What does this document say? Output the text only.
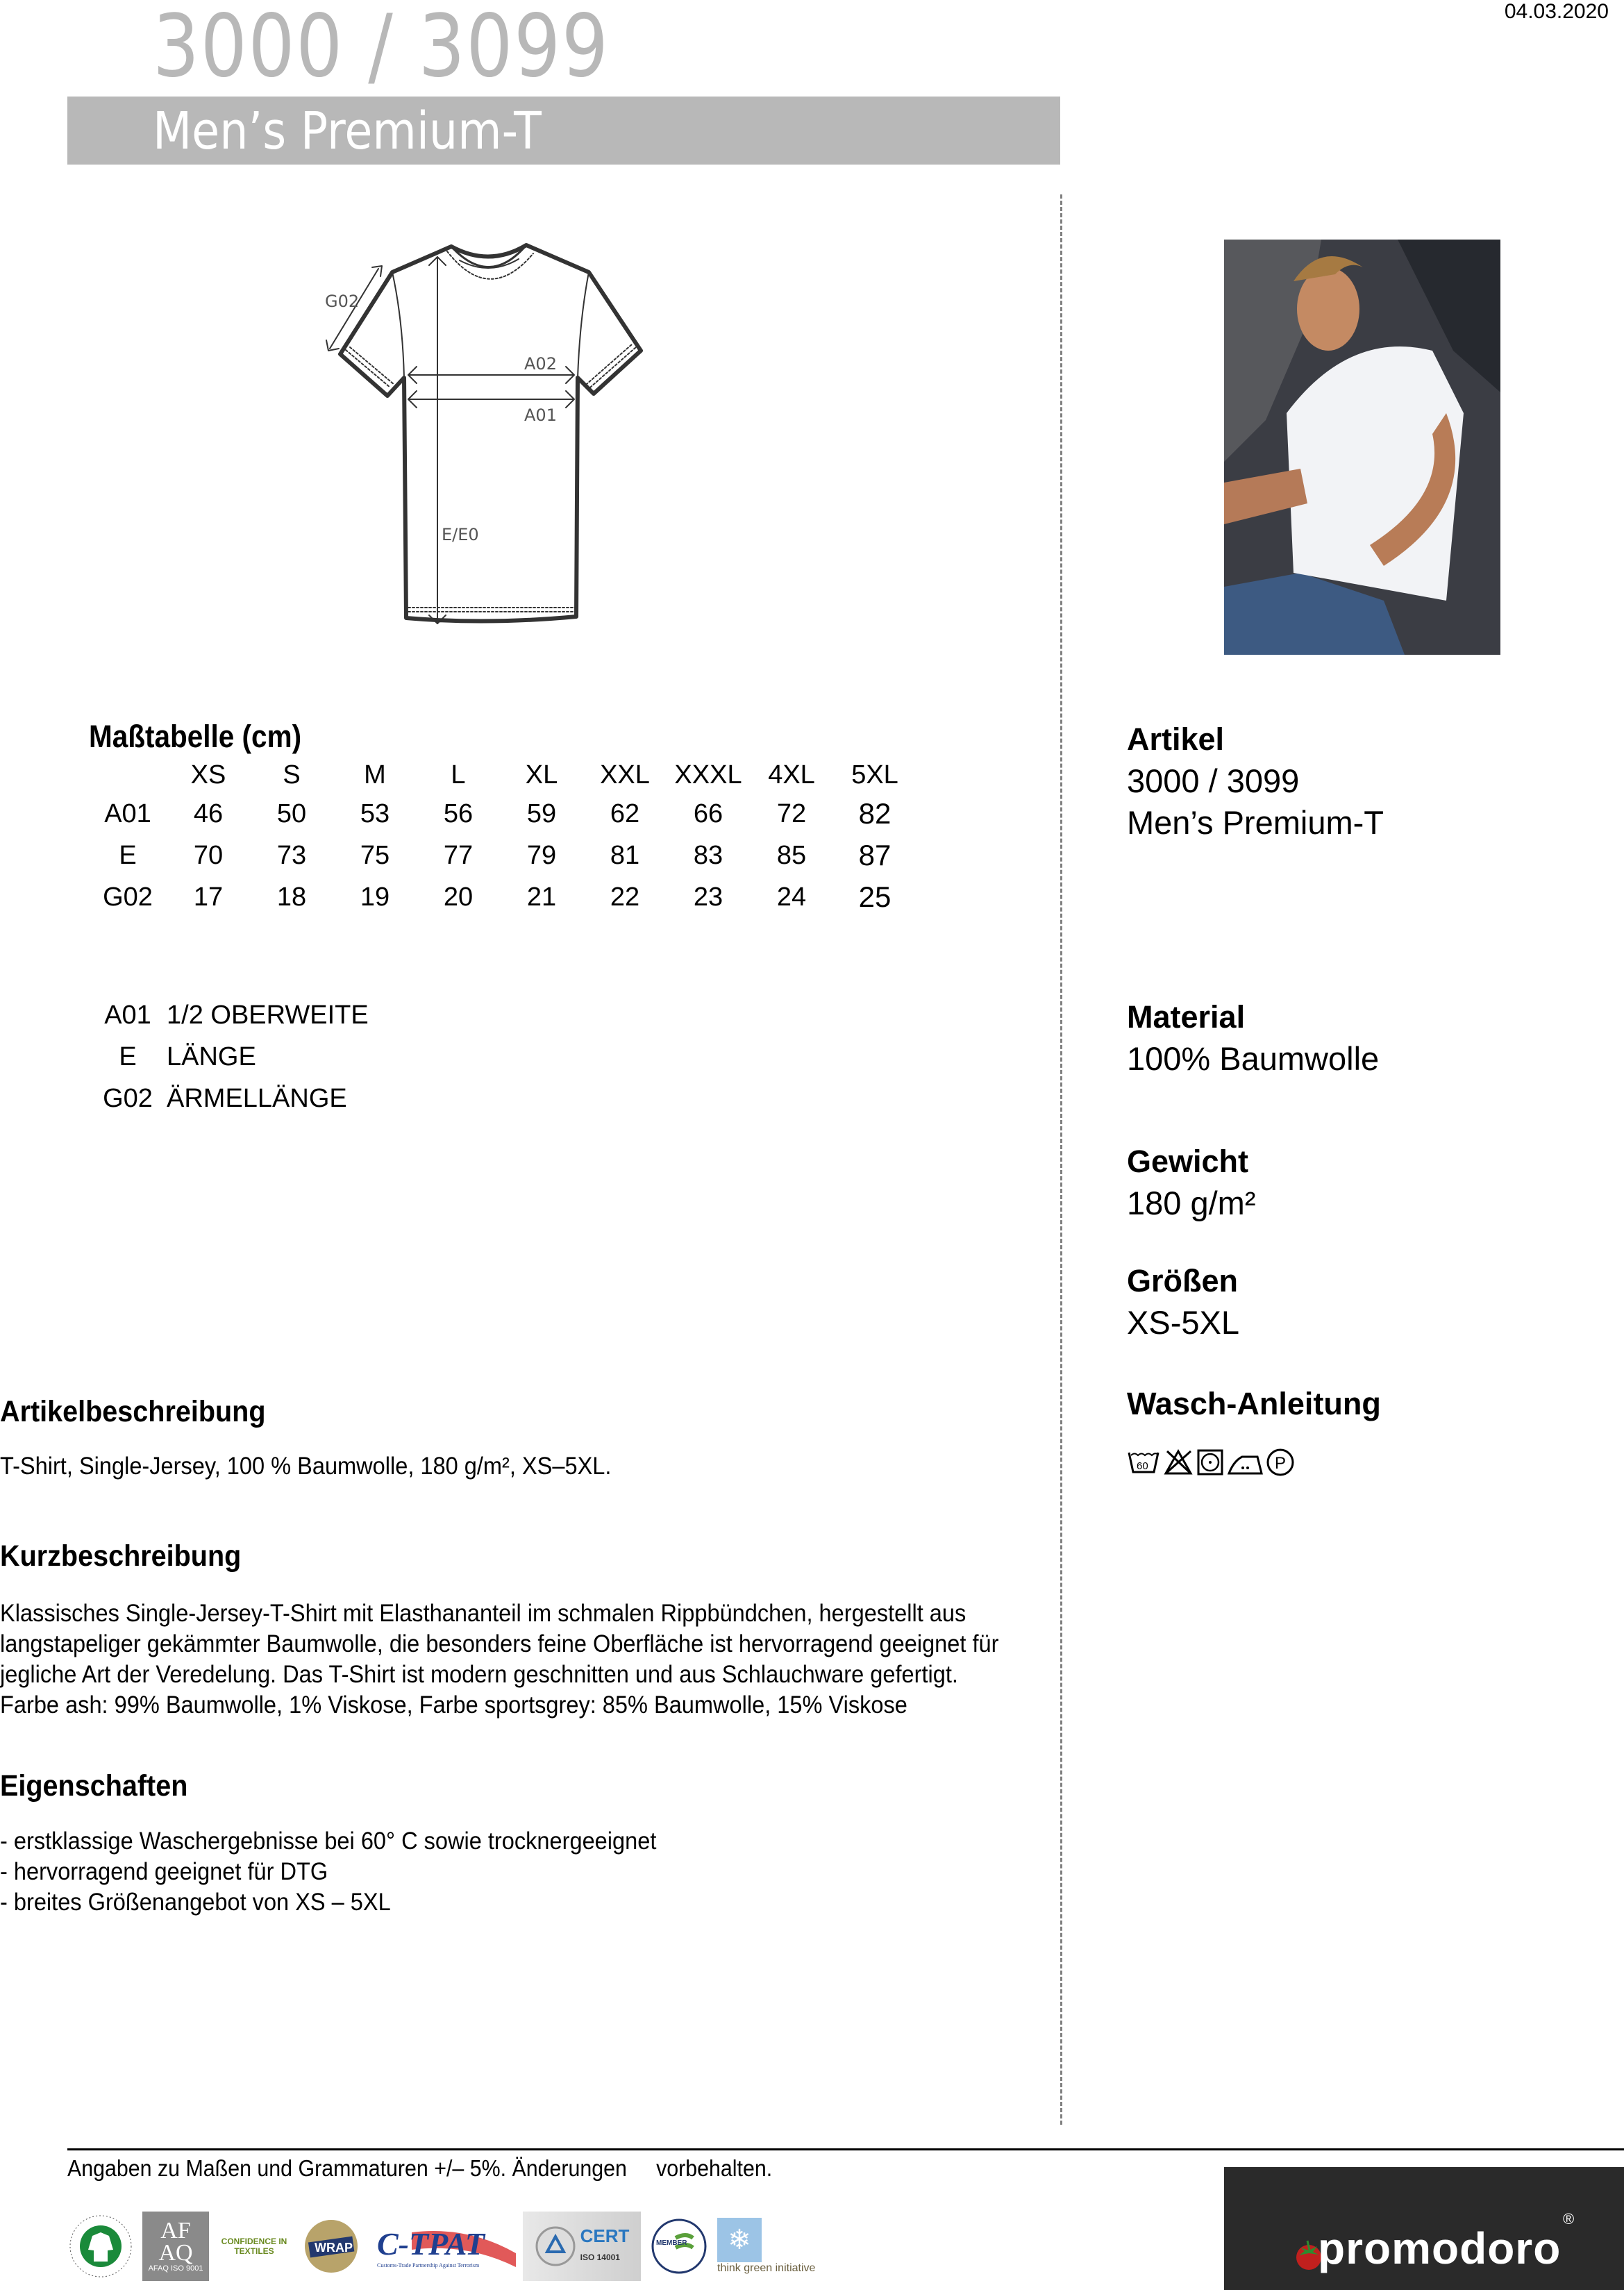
04.03.2020
3000 / 3099
Men’s Premium-T
G02
A02
A01
E/E0
Maßtabelle (cm)
	XS	S	M	L	XL	XXL	XXXL	4XL	5XL
A01	46	50	53	56	59	62	66	72	82
E	70	73	75	77	79	81	83	85	87
G02	17	18	19	20	21	22	23	24	25
A01 1/2 OBERWEITE
E LÄNGE
G02 ÄRMELLÄNGE
Artikel
3000 / 3099
Men’s Premium-T
Material
100% Baumwolle
Gewicht
180 g/m²
Größen
XS-5XL
Wasch-Anleitung
60	P
Artikelbeschreibung
T-Shirt, Single-Jersey, 100 % Baumwolle, 180 g/m², XS–5XL.
Kurzbeschreibung
Klassisches Single-Jersey-T-Shirt mit Elasthananteil im schmalen Rippbündchen, hergestellt aus
langstapeliger gekämmter Baumwolle, die besonders feine Oberfläche ist hervorragend geeignet für
jegliche Art der Veredelung. Das T-Shirt ist modern geschnitten und aus Schlauchware gefertigt.
Farbe ash: 99% Baumwolle, 1% Viskose, Farbe sportsgrey: 85% Baumwolle, 15% Viskose
Eigenschaften
- erstklassige Waschergebnisse bei 60° C sowie trocknergeeignet
- hervorragend geeignet für DTG
- breites Größenangebot von XS – 5XL
Angaben zu Maßen und Grammaturen +/– 5%. Änderungen     vorbehalten.
AF
AQ
AFAQ ISO 9001
CONFIDENCE IN TEXTILES	WRAP C-TPAT
Customs-Trade Partnership Against Terrorism
CERT
ISO 14001
MEMBER	❄
think green initiative	promodoro
®
